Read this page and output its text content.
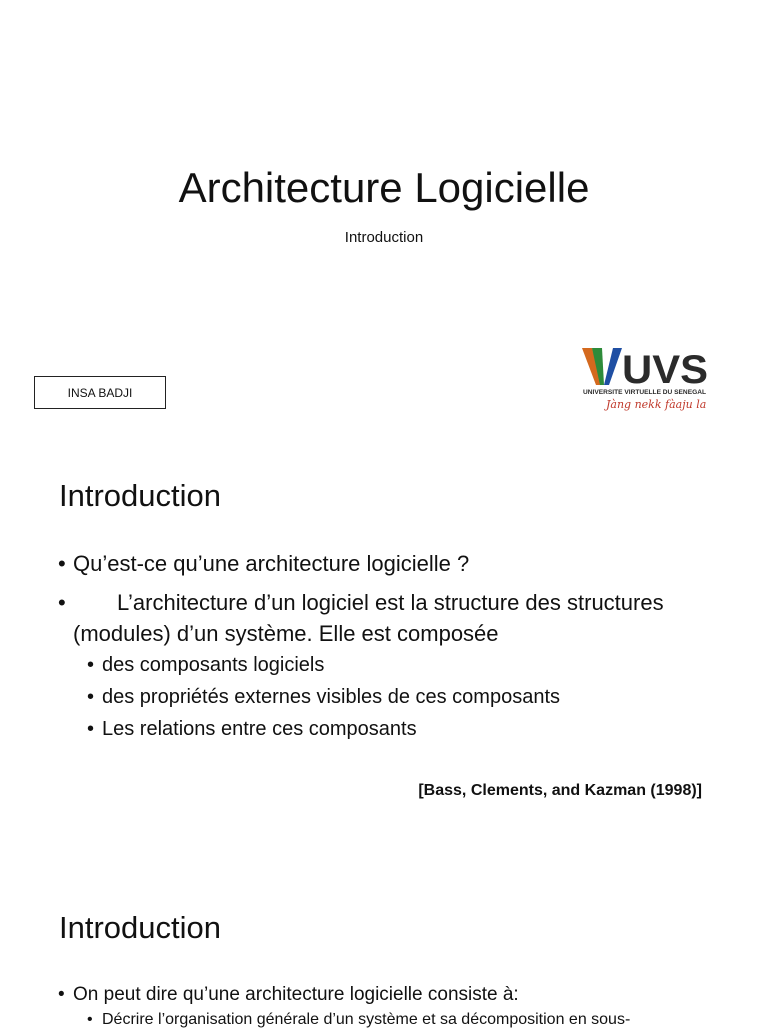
Architecture Logicielle
Introduction
INSA BADJI
UVS
UNIVERSITE VIRTUELLE DU SENEGAL
Jàng nekk fàaju la
Introduction
• Qu’est-ce qu’une architecture logicielle ?
• L’architecture d’un logiciel est la structure des structures (modules) d’un système. Elle est composée
• des composants logiciels
• des propriétés externes visibles de ces composants
• Les relations entre ces composants
[Bass, Clements, and Kazman (1998)]
Introduction
• On peut dire qu’une architecture logicielle consiste à:
• Décrire l’organisation générale d’un système et sa décomposition en sous-
